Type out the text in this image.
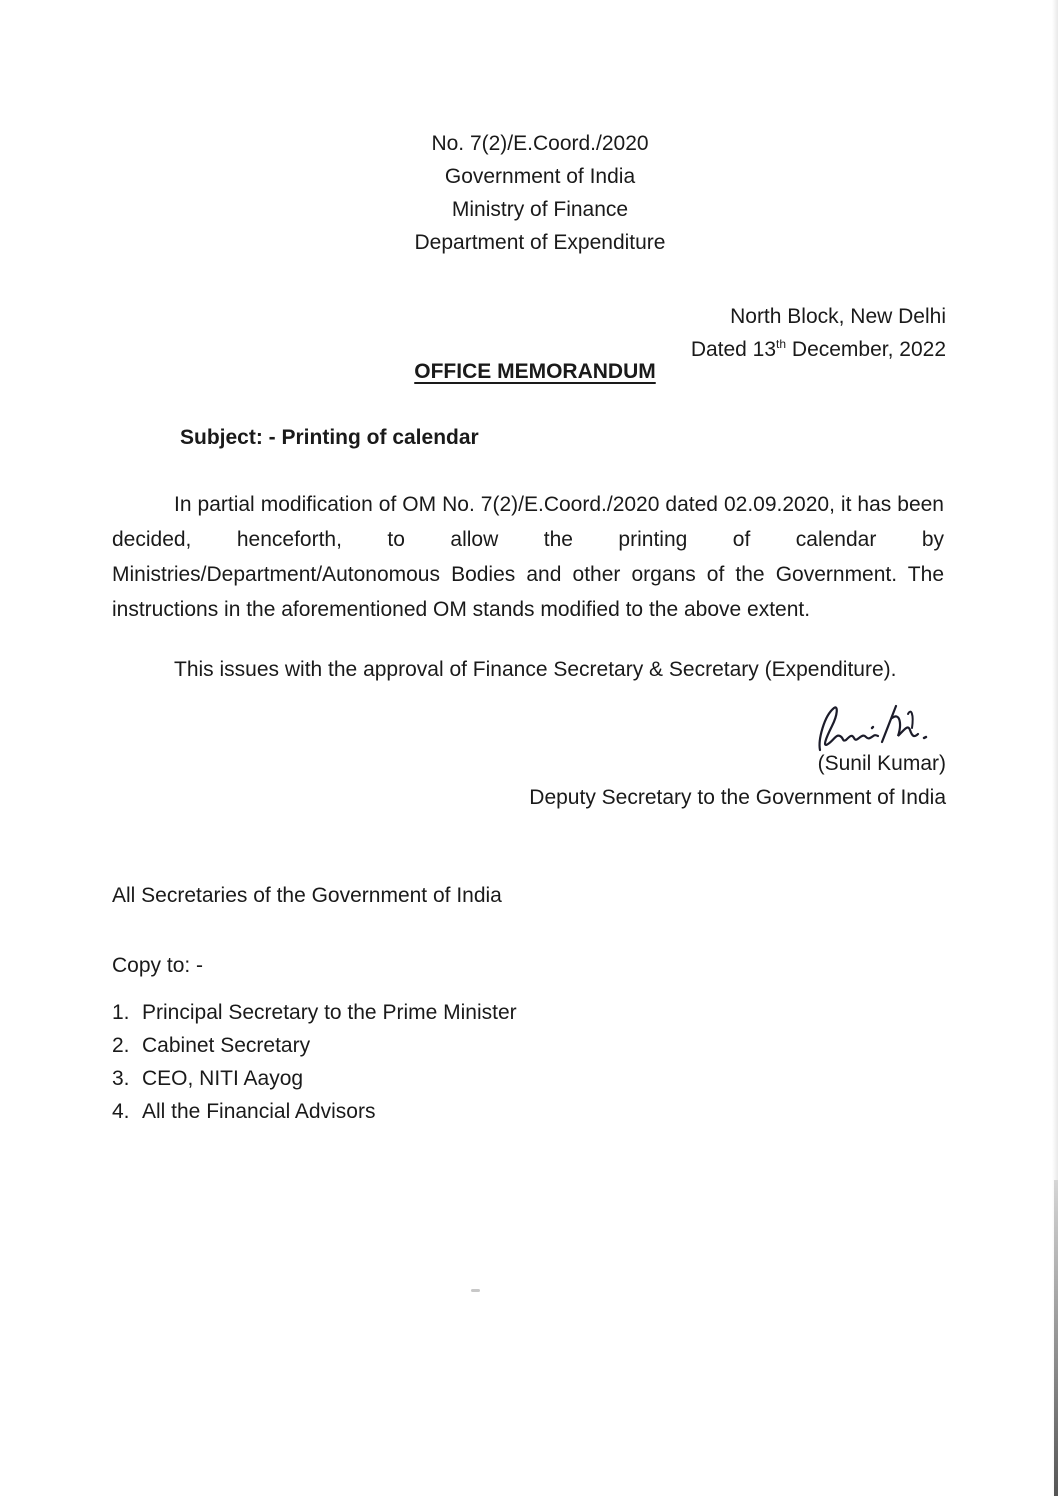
No. 7(2)/E.Coord./2020
Government of India
Ministry of Finance
Department of Expenditure
North Block, New Delhi
Dated 13th December, 2022
OFFICE MEMORANDUM
Subject: - Printing of calendar

In partial modification of OM No. 7(2)/E.Coord./2020 dated 02.09.2020, it has been decided, henceforth, to allow the printing of calendar by Ministries/Department/Autonomous Bodies and other organs of the Government. The instructions in the aforementioned OM stands modified to the above extent.

This issues with the approval of Finance Secretary & Secretary (Expenditure).
(Sunil Kumar)
Deputy Secretary to the Government of India
All Secretaries of the Government of India
Copy to: -
1. Principal Secretary to the Prime Minister
2. Cabinet Secretary
3. CEO, NITI Aayog
4. All the Financial Advisors
